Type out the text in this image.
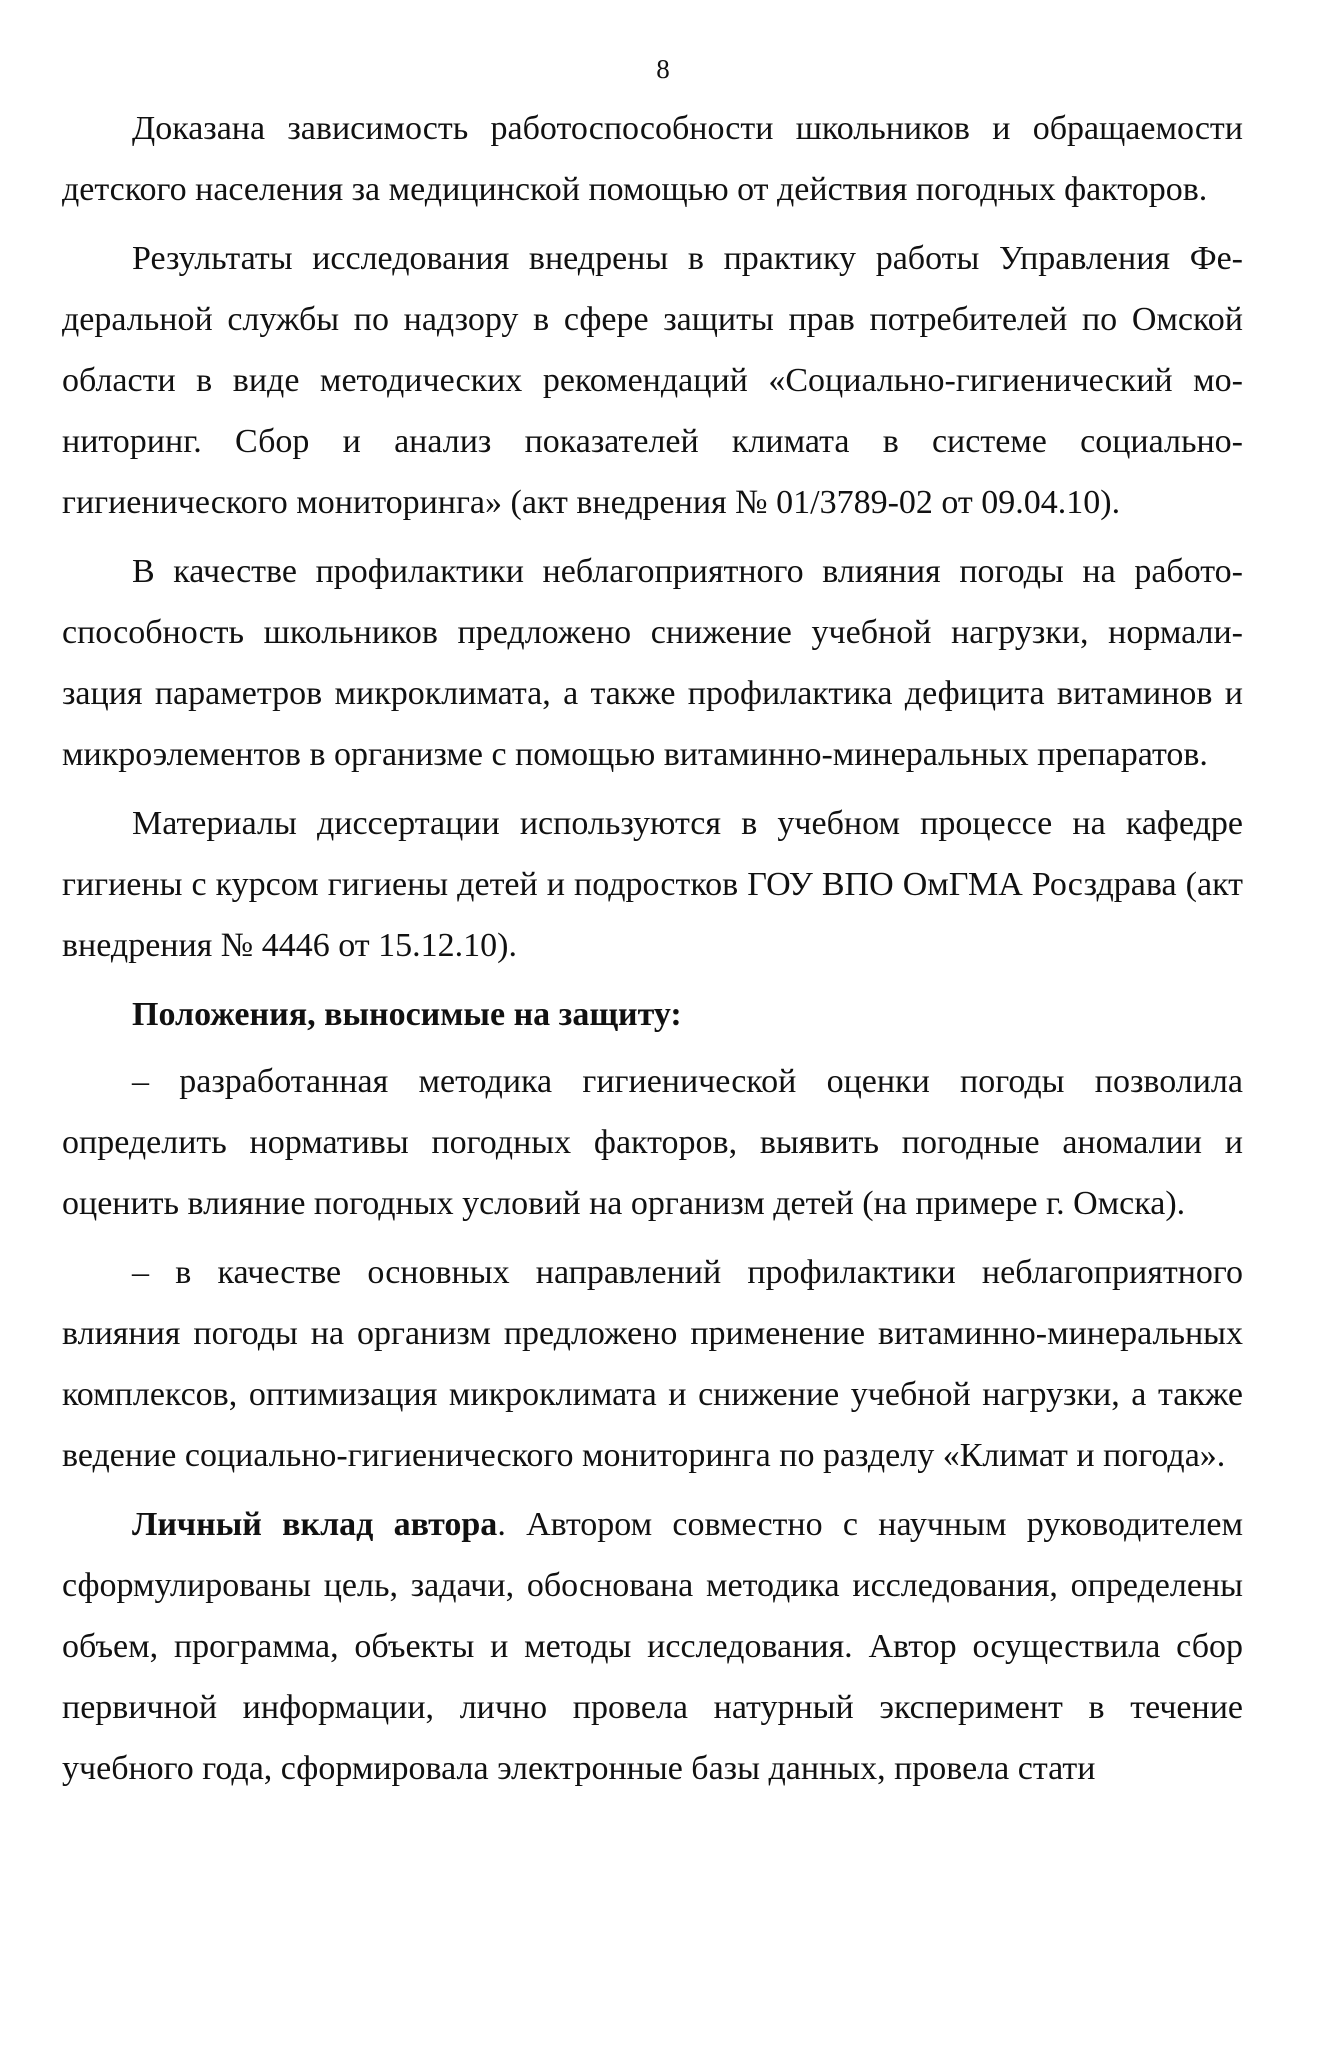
8

Доказана зависимость работоспособности школьников и обращаемости детского населения за медицинской помощью от действия погодных факторов.

Результаты исследования внедрены в практику работы Управления Федеральной службы по надзору в сфере защиты прав потребителей по Омской области в виде методических рекомендаций «Социально-гигиенический мониторинг. Сбор и анализ показателей климата в системе социально-гигиенического мониторинга» (акт внедрения № 01/3789-02 от 09.04.10).

В качестве профилактики неблагоприятного влияния погоды на работоспособность школьников предложено снижение учебной нагрузки, нормализация параметров микроклимата, а также профилактика дефицита витаминов и микроэлементов в организме с помощью витаминно-минеральных препаратов.

Материалы диссертации используются в учебном процессе на кафедре гигиены с курсом гигиены детей и подростков ГОУ ВПО ОмГМА Росздрава (акт внедрения № 4446 от 15.12.10).

Положения, выносимые на защиту:

– разработанная методика гигиенической оценки погоды позволила определить нормативы погодных факторов, выявить погодные аномалии и оценить влияние погодных условий на организм детей (на примере г. Омска).

– в качестве основных направлений профилактики неблагоприятного влияния погоды на организм предложено применение витаминно-минеральных комплексов, оптимизация микроклимата и снижение учебной нагрузки, а также ведение социально-гигиенического мониторинга по разделу «Климат и погода».

Личный вклад автора. Автором совместно с научным руководителем сформулированы цель, задачи, обоснована методика исследования, определены объем, программа, объекты и методы исследования. Автор осуществила сбор первичной информации, лично провела натурный эксперимент в течение учебного года, сформировала электронные базы данных, провела стати
